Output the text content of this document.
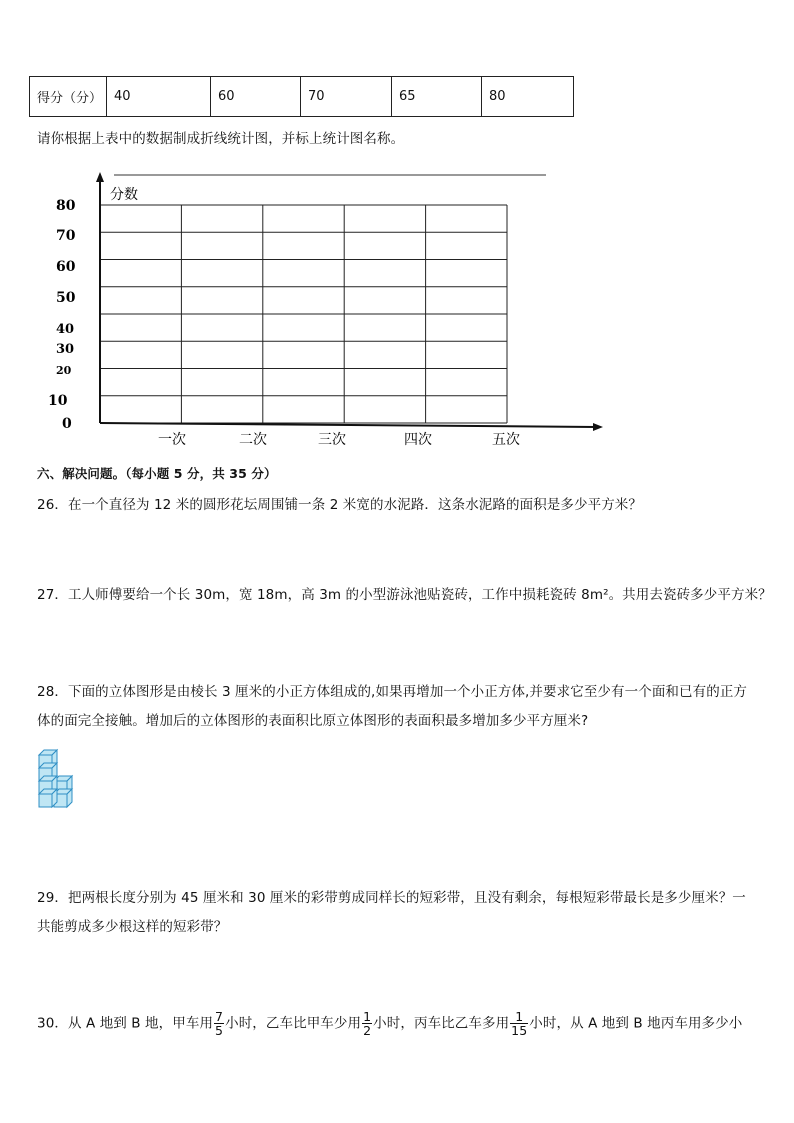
得分（分）	40	60	70	65	80
请你根据上表中的数据制成折线统计图，并标上统计图名称。
分数
80
70
60
50
40
30
20
10
0
一次	二次	三次	四次	五次
六、解决问题。（每小题 5 分，共 35 分）
26．在一个直径为 12 米的圆形花坛周围铺一条 2 米宽的水泥路．这条水泥路的面积是多少平方米？
27．工人师傅要给一个长 30m，宽 18m，高 3m 的小型游泳池贴瓷砖，工作中损耗瓷砖 8m²。共用去瓷砖多少平方米？
28．下面的立体图形是由棱长 3 厘米的小正方体组成的,如果再增加一个小正方体,并要求它至少有一个面和已有的正方
体的面完全接触。增加后的立体图形的表面积比原立体图形的表面积最多增加多少平方厘米?
29．把两根长度分别为 45 厘米和 30 厘米的彩带剪成同样长的短彩带，且没有剩余，每根短彩带最长是多少厘米？一
共能剪成多少根这样的短彩带？
30．从 A 地到 B 地，甲车用 $\frac{7}{5}$ 小时，乙车比甲车少用 $\frac{1}{2}$ 小时，丙车比乙车多用 $\frac{1}{15}$ 小时，从 A 地到 B 地丙车用多少小
